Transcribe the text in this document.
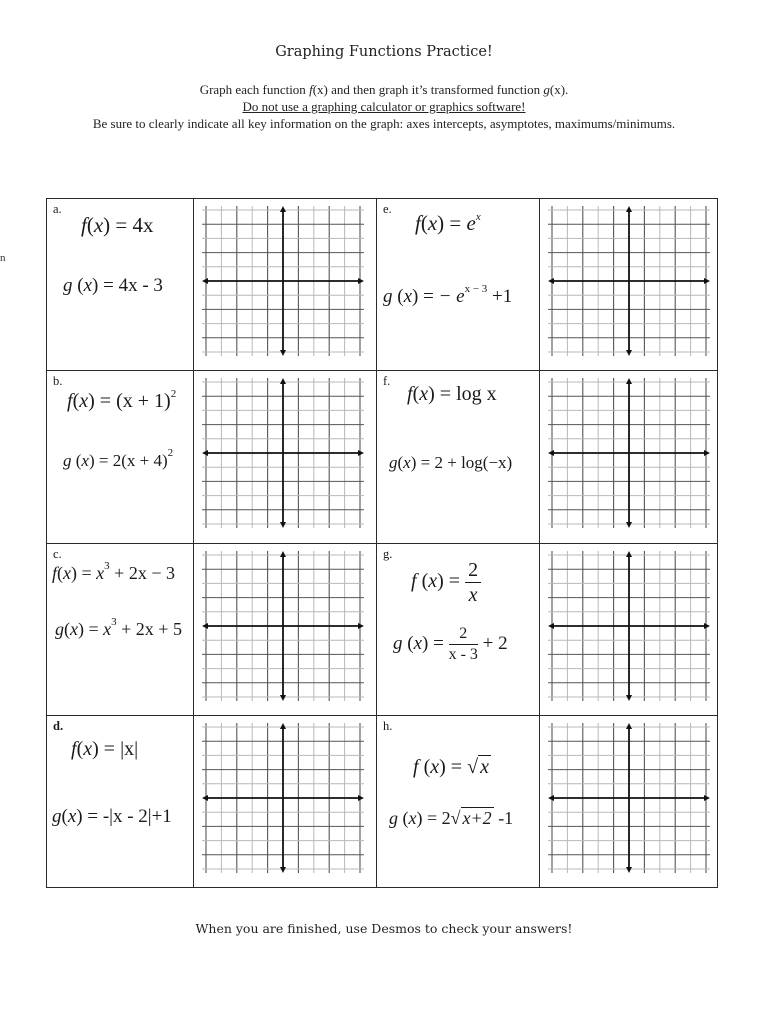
Graphing Functions Practice!
Graph each function f(x) and then graph it’s transformed function g(x).
Do not use a graphing calculator or graphics software!
Be sure to clearly indicate all key information on the graph: axes intercepts, asymptotes, maximums/minimums.
n
a.
f(x) = 4x
g (x) = 4x - 3

e.
$f(x) = e^x$
g (x) = − $e^{x - 3} +1$

b.
$f(x) = (x + 1)^2$
g $(x) = 2(x + 4)^2$

f.
f(x) = log x
g(x) = 2 + log(−x)

c.
$f(x) = x^3 + 2x - 3$
$g(x) = x^3 + 2x + 5$

g.
f $(x) = \frac{2}{x}$
g $(x) = \frac{2}{x - 3} + 2$

d.
f(x) = |x|
g(x) = -|x - 2|+1

h.
f (x) = √ x
g (x) = 2√ x+2 -1

When you are finished, use Desmos to check your answers!
